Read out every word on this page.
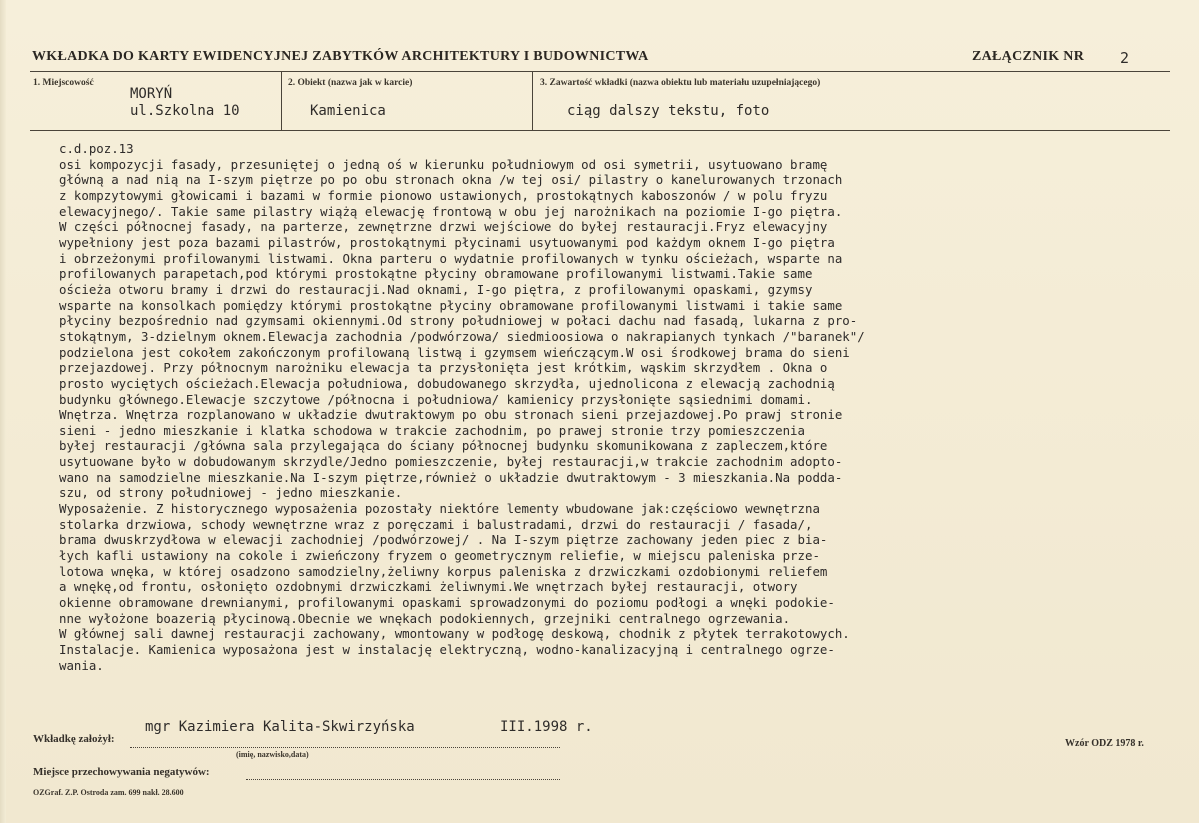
WKŁADKA DO KARTY EWIDENCYJNEJ ZABYTKÓW ARCHITEKTURY I BUDOWNICTWA	ZAŁĄCZNIK NR 2
1. Miejscowość
MORYŃ
ul.Szkolna 10
2. Obiekt (nazwa jak w karcie)
Kamienica
3. Zawartość wkładki (nazwa obiektu lub materiału uzupełniającego)
ciąg dalszy tekstu, foto
c.d.poz.13
osi kompozycji fasady, przesuniętej o jedną oś w kierunku południowym od osi symetrii, usytuowano bramę
główną a nad nią na I-szym piętrze po po obu stronach okna /w tej osi/ pilastry o kanelurowanych trzonach
z kompzytowymi głowicami i bazami w formie pionowo ustawionych, prostokątnych kaboszonów / w polu fryzu
elewacyjnego/. Takie same pilastry wiążą elewację frontową w obu jej narożnikach na poziomie I-go piętra.
W części północnej fasady, na parterze, zewnętrzne drzwi wejściowe do byłej restauracji.Fryz elewacyjny
wypełniony jest poza bazami pilastrów, prostokątnymi płycinami usytuowanymi pod każdym oknem I-go piętra
i obrzeżonymi profilowanymi listwami. Okna parteru o wydatnie profilowanych w tynku ościeżach, wsparte na
profilowanych parapetach,pod którymi prostokątne płyciny obramowane profilowanymi listwami.Takie same
ościeża otworu bramy i drzwi do restauracji.Nad oknami, I-go piętra, z profilowanymi opaskami, gzymsy
wsparte na konsolkach pomiędzy którymi prostokątne płyciny obramowane profilowanymi listwami i takie same
płyciny bezpośrednio nad gzymsami okiennymi.Od strony południowej w połaci dachu nad fasadą, lukarna z pro-
stokątnym, 3-dzielnym oknem.Elewacja zachodnia /podwórzowa/ siedmioosiowa o nakrapianych tynkach /"baranek"/
podzielona jest cokołem zakończonym profilowaną listwą i gzymsem wieńczącym.W osi środkowej brama do sieni
przejazdowej. Przy północnym narożniku elewacja ta przysłonięta jest krótkim, wąskim skrzydłem . Okna o
prosto wyciętych ościeżach.Elewacja południowa, dobudowanego skrzydła, ujednolicona z elewacją zachodnią
budynku głównego.Elewacje szczytowe /północna i południowa/ kamienicy przysłonięte sąsiednimi domami.
Wnętrza. Wnętrza rozplanowano w układzie dwutraktowym po obu stronach sieni przejazdowej.Po prawj stronie
sieni - jedno mieszkanie i klatka schodowa w trakcie zachodnim, po prawej stronie trzy pomieszczenia
byłej restauracji /główna sala przylegająca do ściany północnej budynku skomunikowana z zapleczem,które
usytuowane było w dobudowanym skrzydle/Jedno pomieszczenie, byłej restauracji,w trakcie zachodnim adopto-
wano na samodzielne mieszkanie.Na I-szym piętrze,również o układzie dwutraktowym - 3 mieszkania.Na podda-
szu, od strony południowej - jedno mieszkanie.
Wyposażenie. Z historycznego wyposażenia pozostały niektóre lementy wbudowane jak:częściowo wewnętrzna
stolarka drzwiowa, schody wewnętrzne wraz z poręczami i balustradami, drzwi do restauracji / fasada/,
brama dwuskrzydłowa w elewacji zachodniej /podwórzowej/ . Na I-szym piętrze zachowany jeden piec z bia-
łych kafli ustawiony na cokole i zwieńczony fryzem o geometrycznym reliefie, w miejscu paleniska prze-
lotowa wnęka, w której osadzono samodzielny,żeliwny korpus paleniska z drzwiczkami ozdobionymi reliefem
a wnękę,od frontu, osłonięto ozdobnymi drzwiczkami żeliwnymi.We wnętrzach byłej restauracji, otwory
okienne obramowane drewnianymi, profilowanymi opaskami sprowadzonymi do poziomu podłogi a wnęki podokie-
nne wyłożone boazerią płycinową.Obecnie we wnękach podokiennych, grzejniki centralnego ogrzewania.
W głównej sali dawnej restauracji zachowany, wmontowany w podłogę deskową, chodnik z płytek terrakotowych.
Instalacje. Kamienica wyposażona jest w instalację elektryczną, wodno-kanalizacyjną i centralnego ogrze-
wania.
Wkładkę założył:
mgr Kazimiera Kalita-Skwirzyńska	III.1998 r.
(imię, nazwisko,data)
Wzór ODZ 1978 r.
Miejsce przechowywania negatywów:
OZGraf. Z.P. Ostroda zam. 699 nakł. 28.600
